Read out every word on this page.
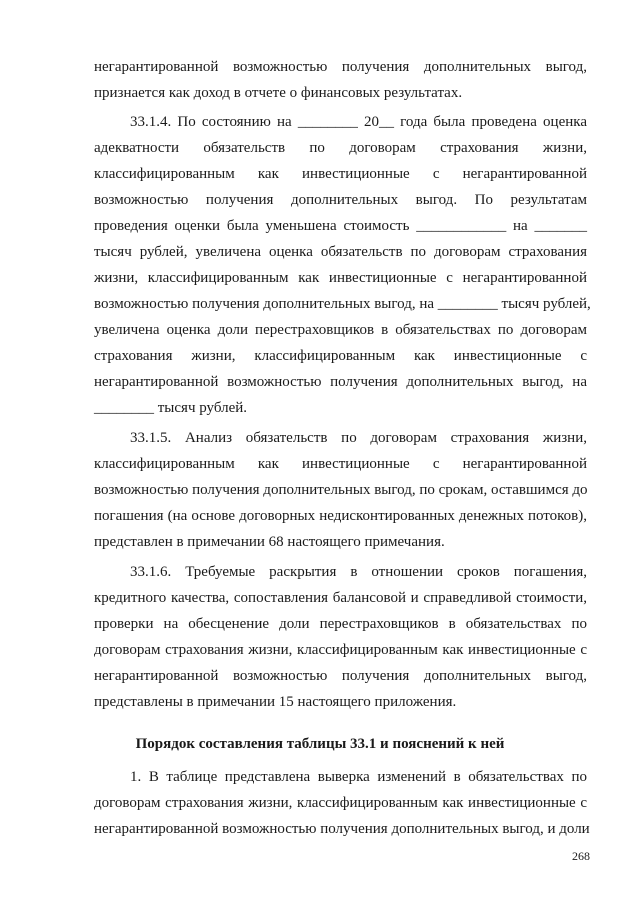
негарантированной возможностью получения дополнительных выгод,
признается как доход в отчете о финансовых результатах.
33.1.4. По состоянию на ________ 20__ года была проведена оценка
адекватности обязательств по договорам страхования жизни,
классифицированным как инвестиционные с негарантированной
возможностью получения дополнительных выгод. По результатам
проведения оценки была уменьшена стоимость ____________ на _______
тысяч рублей, увеличена оценка обязательств по договорам страхования
жизни, классифицированным как инвестиционные с негарантированной
возможностью получения дополнительных выгод, на ________ тысяч рублей,
увеличена оценка доли перестраховщиков в обязательствах по договорам
страхования жизни, классифицированным как инвестиционные с
негарантированной возможностью получения дополнительных выгод, на
________ тысяч рублей.
33.1.5. Анализ обязательств по договорам страхования жизни,
классифицированным как инвестиционные с негарантированной
возможностью получения дополнительных выгод, по срокам, оставшимся до
погашения (на основе договорных недисконтированных денежных потоков),
представлен в примечании 68 настоящего примечания.
33.1.6. Требуемые раскрытия в отношении сроков погашения,
кредитного качества, сопоставления балансовой и справедливой стоимости,
проверки на обесценение доли перестраховщиков в обязательствах по
договорам страхования жизни, классифицированным как инвестиционные с
негарантированной возможностью получения дополнительных выгод,
представлены в примечании 15 настоящего приложения.
Порядок составления таблицы 33.1 и пояснений к ней
1. В таблице представлена выверка изменений в обязательствах по
договорам страхования жизни, классифицированным как инвестиционные с
негарантированной возможностью получения дополнительных выгод, и доли
268
